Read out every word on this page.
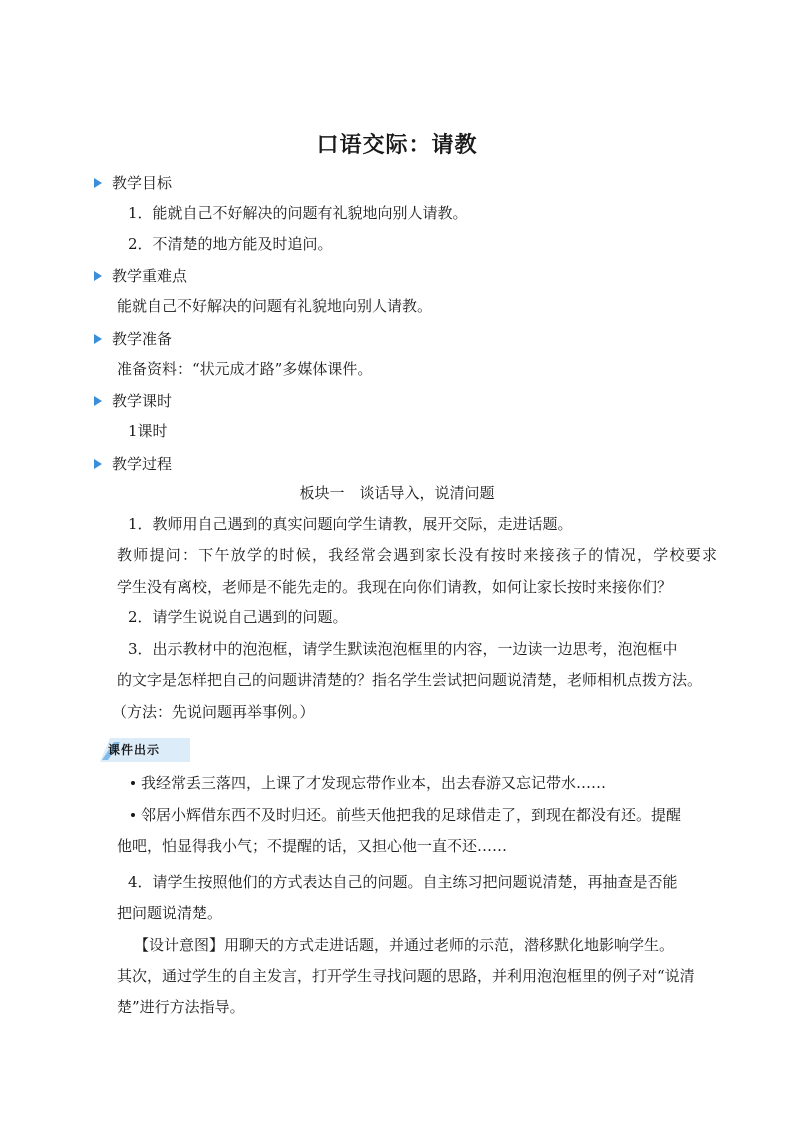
口语交际：请教
教学目标
1．能就自己不好解决的问题有礼貌地向别人请教。
2．不清楚的地方能及时追问。
教学重难点
能就自己不好解决的问题有礼貌地向别人请教。
教学准备
准备资料：“状元成才路”多媒体课件。
教学课时
1课时
教学过程
板块一　谈话导入，说清问题
1．教师用自己遇到的真实问题向学生请教，展开交际，走进话题。
教师提问：下午放学的时候，我经常会遇到家长没有按时来接孩子的情况，学校要求
学生没有离校，老师是不能先走的。我现在向你们请教，如何让家长按时来接你们？
2．请学生说说自己遇到的问题。
3．出示教材中的泡泡框，请学生默读泡泡框里的内容，一边读一边思考，泡泡框中
的文字是怎样把自己的问题讲清楚的？指名学生尝试把问题说清楚，老师相机点拨方法。
（方法：先说问题再举事例。）
课件出示
我经常丢三落四，上课了才发现忘带作业本，出去春游又忘记带水……
邻居小辉借东西不及时归还。前些天他把我的足球借走了，到现在都没有还。提醒
他吧，怕显得我小气；不提醒的话，又担心他一直不还……
4．请学生按照他们的方式表达自己的问题。自主练习把问题说清楚，再抽查是否能
把问题说清楚。
【设计意图】用聊天的方式走进话题，并通过老师的示范，潜移默化地影响学生。
其次，通过学生的自主发言，打开学生寻找问题的思路，并利用泡泡框里的例子对“说清
楚”进行方法指导。
